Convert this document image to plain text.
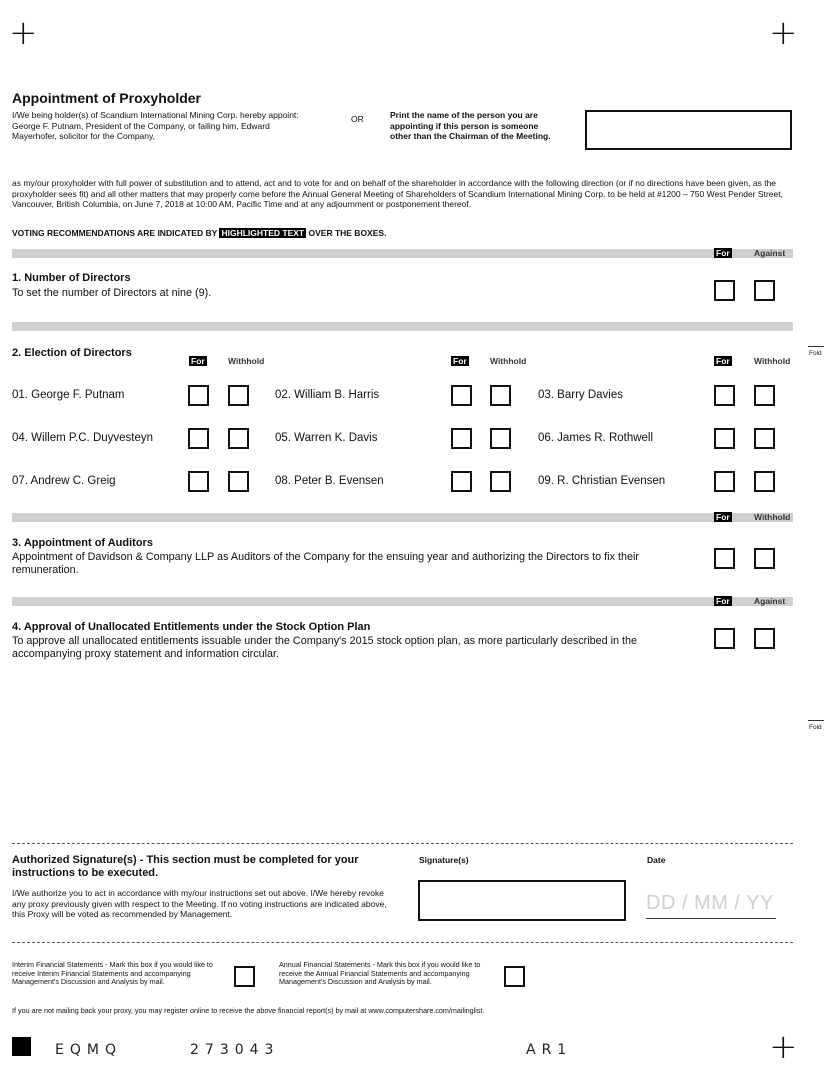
+	+
+
Appointment of Proxyholder
I/We being holder(s) of Scandium International Mining Corp. hereby appoint: George F. Putnam, President of the Company, or failing him, Edward Mayerhofer, solicitor for the Company,
OR	Print the name of the person you are appointing if this person is someone other than the Chairman of the Meeting.
as my/our proxyholder with full power of substitution and to attend, act and to vote for and on behalf of the shareholder in accordance with the following direction (or if no directions have been given, as the proxyholder sees fit) and all other matters that may properly come before the Annual General Meeting of Shareholders of Scandium International Mining Corp. to be held at #1200 – 750 West Pender Street, Vancouver, British Columbia, on June 7, 2018 at 10:00 AM, Pacific Time and at any adjournment or postponement thereof.
VOTING RECOMMENDATIONS ARE INDICATED BY HIGHLIGHTED TEXT OVER THE BOXES.
For	Against
1. Number of Directors
To set the number of Directors at nine (9).
2. Election of Directors
For	Withhold	For	Withhold	For	Withhold
01. George F. Putnam	02. William B. Harris	03. Barry Davies
04. Willem P.C. Duyvesteyn	05. Warren K. Davis	06. James R. Rothwell
07. Andrew C. Greig	08. Peter B. Evensen	09. R. Christian Evensen
For	Withhold
3. Appointment of Auditors
Appointment of Davidson & Company LLP as Auditors of the Company for the ensuing year and authorizing the Directors to fix their remuneration.
For	Against
4. Approval of Unallocated Entitlements under the Stock Option Plan
To approve all unallocated entitlements issuable under the Company's 2015 stock option plan, as more particularly described in the accompanying proxy statement and information circular.
Fold
Fold
Authorized Signature(s) - This section must be completed for your instructions to be executed.
I/We authorize you to act in accordance with my/our instructions set out above. I/We hereby revoke any proxy previously given with respect to the Meeting. If no voting instructions are indicated above, this Proxy will be voted as recommended by Management.
Signature(s)	Date
DD / MM / YY
Interim Financial Statements - Mark this box if you would like to receive Interim Financial Statements and accompanying Management's Discussion and Analysis by mail.
Annual Financial Statements - Mark this box if you would like to receive the Annual Financial Statements and accompanying Management's Discussion and Analysis by mail.
If you are not mailing back your proxy, you may register online to receive the above financial report(s) by mail at www.computershare.com/mailinglist.
EQMQ	273043	AR1
